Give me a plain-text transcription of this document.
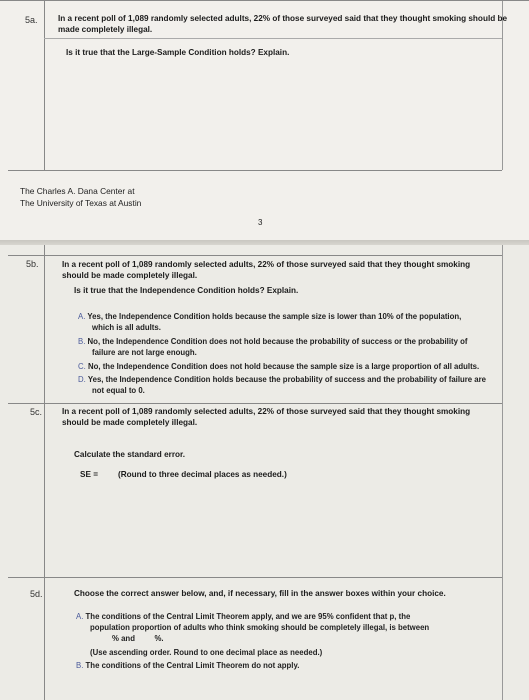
5a. In a recent poll of 1,089 randomly selected adults, 22% of those surveyed said that they thought smoking should be
made completely illegal.
Is it true that the Large-Sample Condition holds? Explain.
The Charles A. Dana Center at
The University of Texas at Austin
3
5b.	In a recent poll of 1,089 randomly selected adults, 22% of those surveyed said that they thought smoking
should be made completely illegal.
Is it true that the Independence Condition holds? Explain.
A. Yes, the Independence Condition holds because the sample size is lower than 10% of the population,
which is all adults.
B. No, the Independence Condition does not hold because the probability of success or the probability of
failure are not large enough.
C. No, the Independence Condition does not hold because the sample size is a large proportion of all adults.
D. Yes, the Independence Condition holds because the probability of success and the probability of failure are
not equal to 0.
5c. In a recent poll of 1,089 randomly selected adults, 22% of those surveyed said that they thought smoking
should be made completely illegal.
Calculate the standard error.
SE = (Round to three decimal places as needed.)
5d.	Choose the correct answer below, and, if necessary, fill in the answer boxes within your choice.
A. The conditions of the Central Limit Theorem apply, and we are 95% confident that p, the
population proportion of adults who think smoking should be completely illegal, is between
% and         %.
(Use ascending order. Round to one decimal place as needed.)
B. The conditions of the Central Limit Theorem do not apply.
